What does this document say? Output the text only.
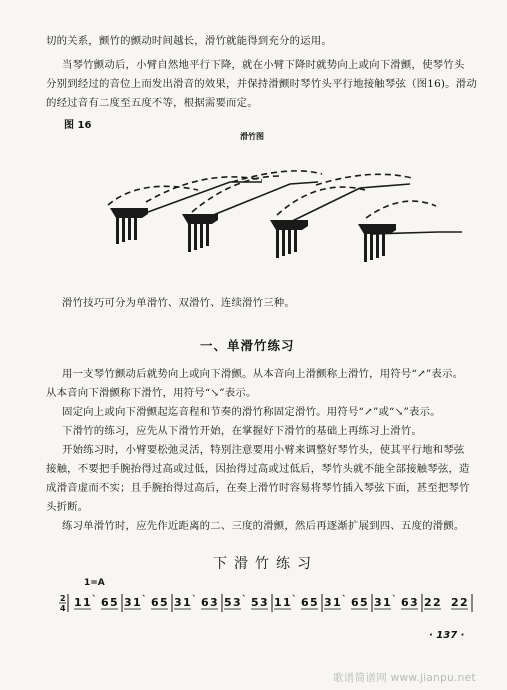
切的关系，颤竹的颤动时间越长，滑竹就能得到充分的运用。
当琴竹颤动后，小臂自然地平行下降，就在小臂下降时就势向上或向下滑颤，使琴竹头
分别到经过的音位上而发出滑音的效果，并保持滑颤时琴竹头平行地接触琴弦（图16)。滑动
的经过音有二度至五度不等，根据需要而定。
图 16
滑竹图
滑竹技巧可分为单滑竹、双滑竹、连续滑竹三种。
一、单滑竹练习
用一支琴竹颤动后就势向上或向下滑颤。从本音向上滑颤称上滑竹，用符号“↗”表示。
从本音向下滑颤称下滑竹，用符号“↘”表示。
固定向上或向下滑颤起迄音程和节奏的滑竹称固定滑竹。用符号“↗”或“↘”表示。
下滑竹的练习，应先从下滑竹开始，在掌握好下滑竹的基础上再练习上滑竹。
开始练习时，小臂要松弛灵活，特别注意要用小臂来调整好琴竹头，使其平行地和琴弦
接触，不要把手腕抬得过高或过低，因抬得过高或过低后，琴竹头就不能全部接触琴弦，造
成滑音虚而不实；且手腕抬得过高后，在奏上滑竹时容易将琴竹插入琴弦下面，甚至把琴竹
头折断。
练习单滑竹时，应先作近距离的二、三度的滑颤，然后再逐渐扩展到四、五度的滑颤。
下滑竹练习
1=A
2
4 1 1 ` 6 5 3 1 ` 6 5 3 1 ` 6 3 5 3 ` 5 3 1 1 ` 6 5 3 1 ` 6 5 3 1 ` 6 3 2 2 2 2
· 137 ·
歌谱简谱网 www.jianpu.net
